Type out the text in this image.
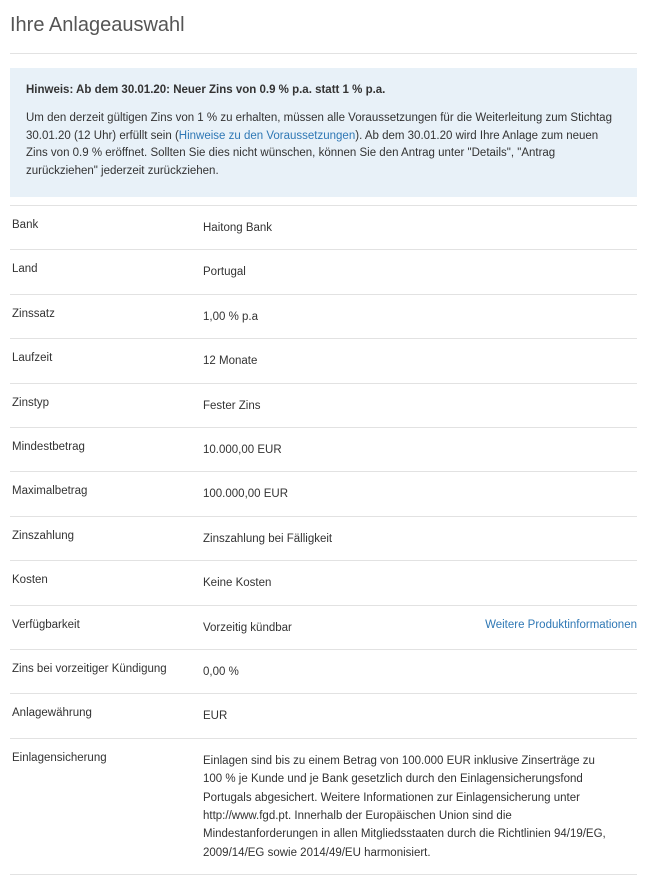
Ihre Anlageauswahl
Hinweis: Ab dem 30.01.20: Neuer Zins von 0.9 % p.a. statt 1 % p.a.

Um den derzeit gültigen Zins von 1 % zu erhalten, müssen alle Voraussetzungen für die Weiterleitung zum Stichtag 30.01.20 (12 Uhr) erfüllt sein (Hinweise zu den Voraussetzungen). Ab dem 30.01.20 wird Ihre Anlage zum neuen Zins von 0.9 % eröffnet. Sollten Sie dies nicht wünschen, können Sie den Antrag unter "Details", "Antrag zurückziehen" jederzeit zurückziehen.

Bank	Haitong Bank
Land	Portugal
Zinssatz	1,00 % p.a
Laufzeit	12 Monate
Zinstyp	Fester Zins
Mindestbetrag	10.000,00 EUR
Maximalbetrag	100.000,00 EUR
Zinszahlung	Zinszahlung bei Fälligkeit
Kosten	Keine Kosten
Verfügbarkeit	Vorzeitig kündbar	Weitere Produktinformationen
Zins bei vorzeitiger Kündigung	0,00 %
Anlagewährung	EUR
Einlagensicherung	Einlagen sind bis zu einem Betrag von 100.000 EUR inklusive Zinserträge zu 100 % je Kunde und je Bank gesetzlich durch den Einlagensicherungsfond Portugals abgesichert. Weitere Informationen zur Einlagensicherung unter http://www.fgd.pt. Innerhalb der Europäischen Union sind die Mindestanforderungen in allen Mitgliedsstaaten durch die Richtlinien 94/19/EG, 2009/14/EG sowie 2014/49/EU harmonisiert.
